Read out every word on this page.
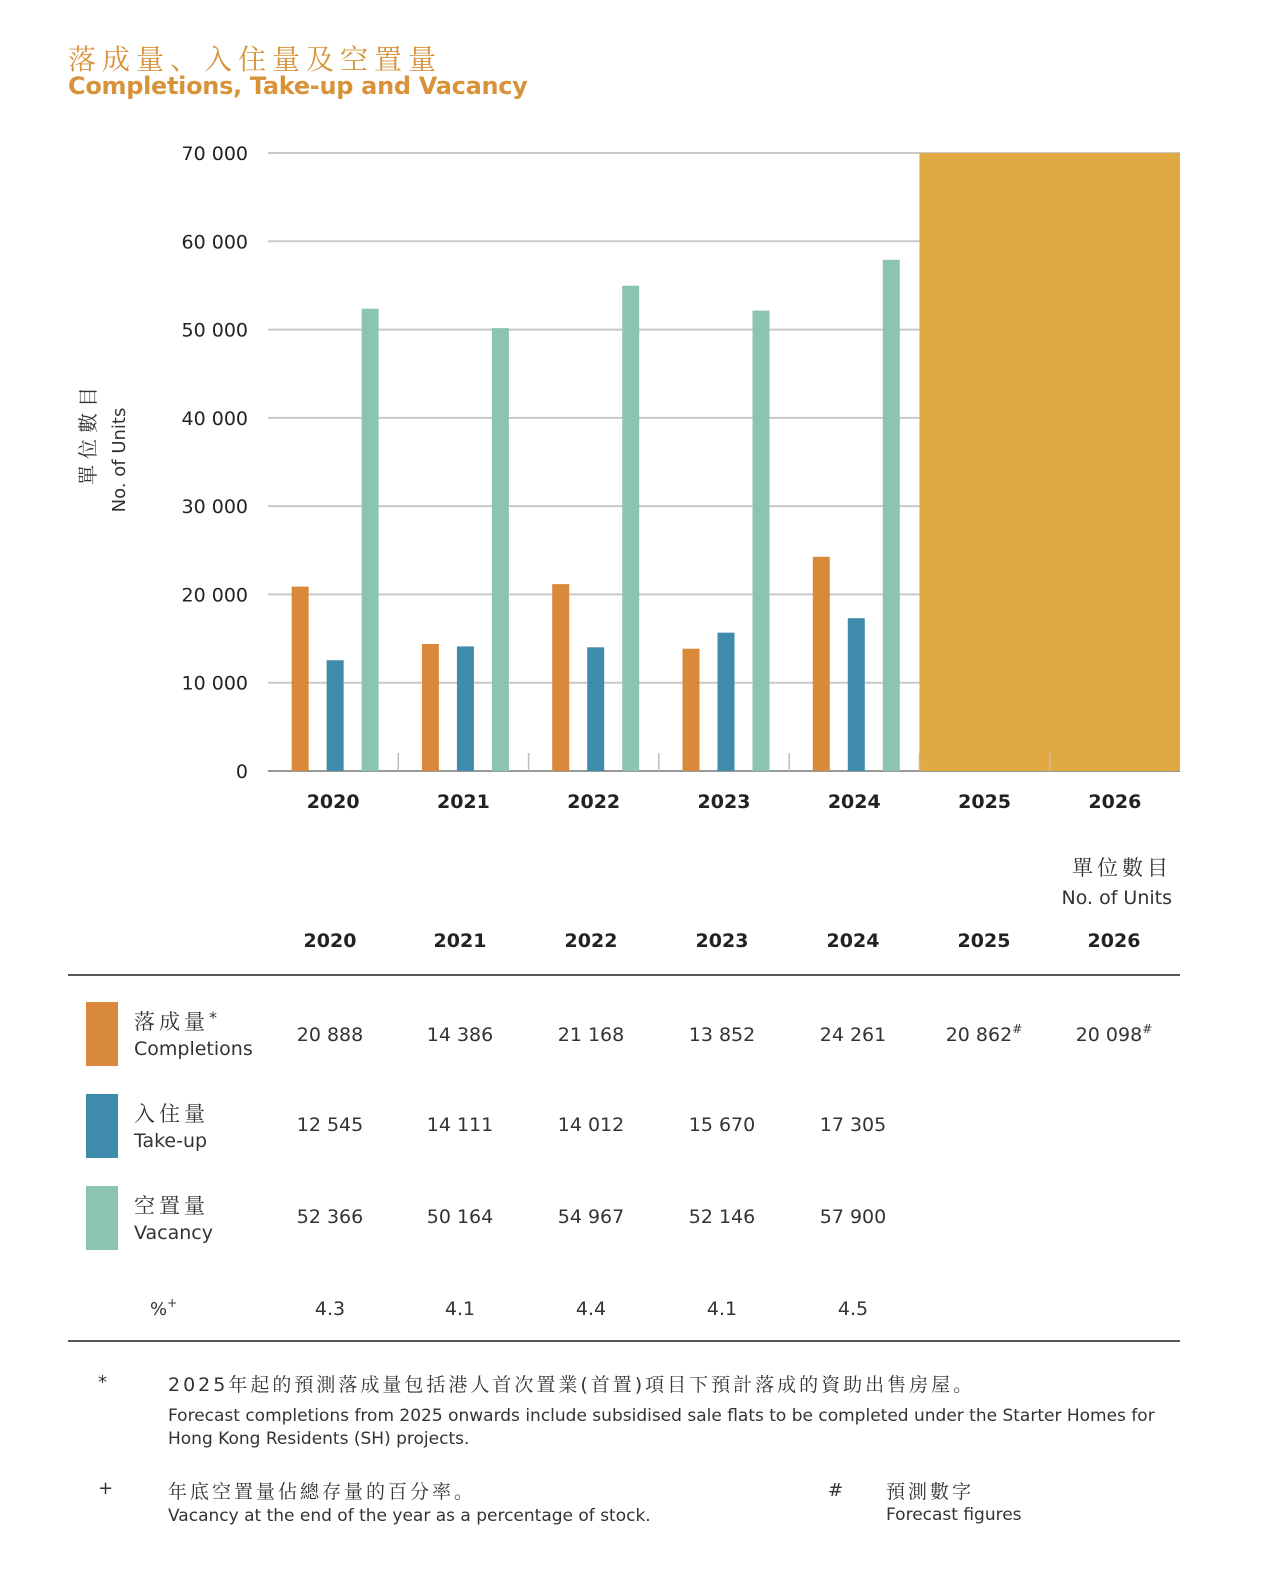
落成量、入住量及空置量
Completions, Take-up and Vacancy
單位數目 No. of Units
0
10 000
20 000
30 000
40 000
50 000
60 000
70 000
2020	2021	2022	2023	2024	2025	2026
單位數目
No. of Units
2020	2021	2022	2023	2024	2025	2026
落成量*
Completions
20 888	14 386	21 168	13 852	24 261	20 862#	20 098#
入住量
Take-up
12 545	14 111	14 012	15 670	17 305
空置量
Vacancy
52 366	50 164	54 967	52 146	57 900
%+	4.3	4.1	4.4	4.1	4.5
*	2025年起的預測落成量包括港人首次置業(首置)項目下預計落成的資助出售房屋。
Forecast completions from 2025 onwards include subsidised sale flats to be completed under the Starter Homes for Hong Kong Residents (SH) projects.
+	年底空置量佔總存量的百分率。
Vacancy at the end of the year as a percentage of stock.
# 預測數字
Forecast figures
